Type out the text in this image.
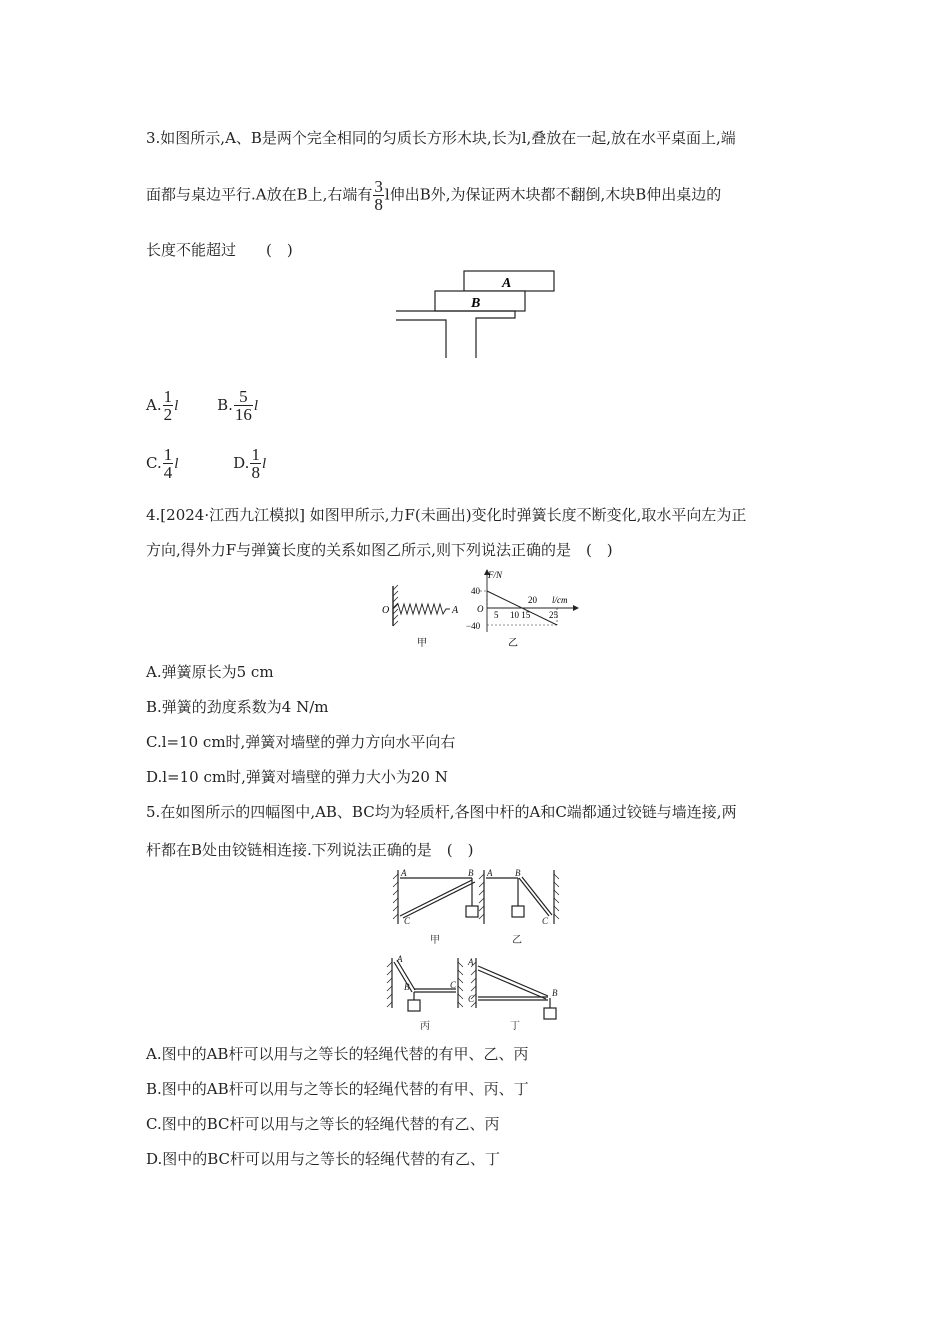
3.如图所示,A、B是两个完全相同的匀质长方形木块,长为l,叠放在一起,放在水平桌面上,端
面都与桌边平行.A放在B上,右端有 $\frac{3}{8}$ l伸出B外,为保证两木块都不翻倒,木块B伸出桌边的
长度不能超过　　(　)
A
B
A. $\frac{1}{2}$ l	B. $\frac{5}{16}$ l
C. $\frac{1}{4}$ l	D. $\frac{1}{8}$ l
4.[2024·江西九江模拟] 如图甲所示,力F(未画出)变化时弹簧长度不断变化,取水平向左为正
方向,得外力F与弹簧长度的关系如图乙所示,则下列说法正确的是　(　)
O	A
甲
F/N
l/cm
40
O
−40
5 10 15
20
25
乙
A.弹簧原长为5 cm
B.弹簧的劲度系数为4 N/m
C.l=10 cm时,弹簧对墙壁的弹力方向水平向右
D.l=10 cm时,弹簧对墙壁的弹力大小为20 N
5.在如图所示的四幅图中,AB、BC均为轻质杆,各图中杆的A和C端都通过铰链与墙连接,两
杆都在B处由铰链相连接.下列说法正确的是　(　)
A	B
C
A	B
C
A
B	C
A
C
B
甲	乙
丙	丁
A.图中的AB杆可以用与之等长的轻绳代替的有甲、乙、丙
B.图中的AB杆可以用与之等长的轻绳代替的有甲、丙、丁
C.图中的BC杆可以用与之等长的轻绳代替的有乙、丙
D.图中的BC杆可以用与之等长的轻绳代替的有乙、丁
